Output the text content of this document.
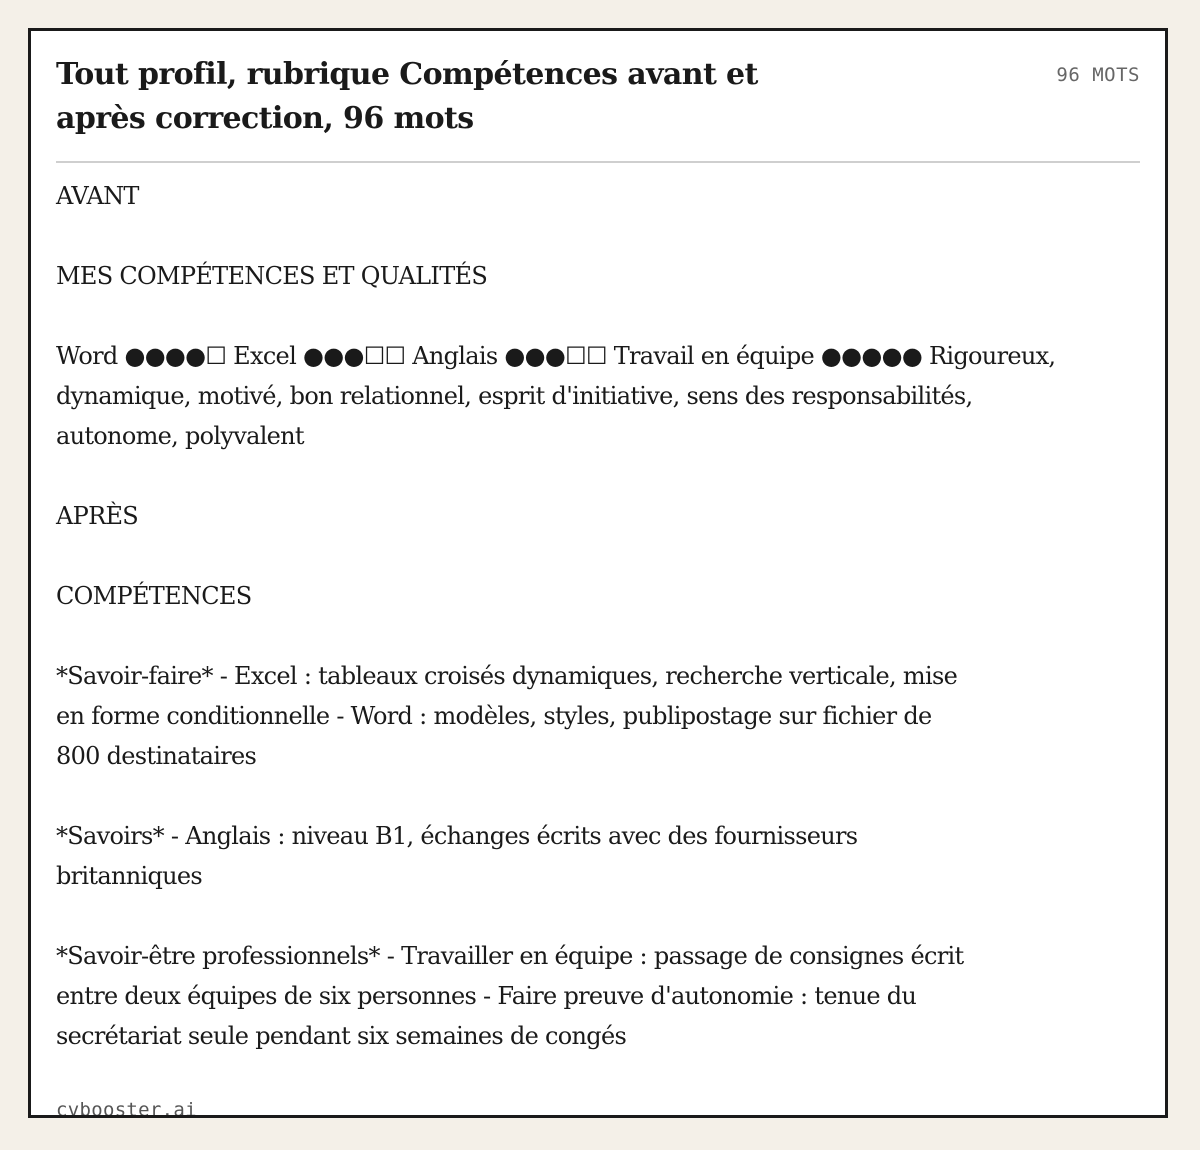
Tout profil, rubrique Compétences avant et après correction, 96 mots
96 MOTS

AVANT

MES COMPÉTENCES ET QUALITÉS

Word ●●●●☐ Excel ●●●☐☐ Anglais ●●●☐☐ Travail en équipe ●●●●● Rigoureux, dynamique, motivé, bon relationnel, esprit d'initiative, sens des responsabilités, autonome, polyvalent

APRÈS

COMPÉTENCES

*Savoir-faire* - Excel : tableaux croisés dynamiques, recherche verticale, mise en forme conditionnelle - Word : modèles, styles, publipostage sur fichier de 800 destinataires

*Savoirs* - Anglais : niveau B1, échanges écrits avec des fournisseurs britanniques

*Savoir-être professionnels* - Travailler en équipe : passage de consignes écrit entre deux équipes de six personnes - Faire preuve d'autonomie : tenue du secrétariat seule pendant six semaines de congés

cvbooster.ai
